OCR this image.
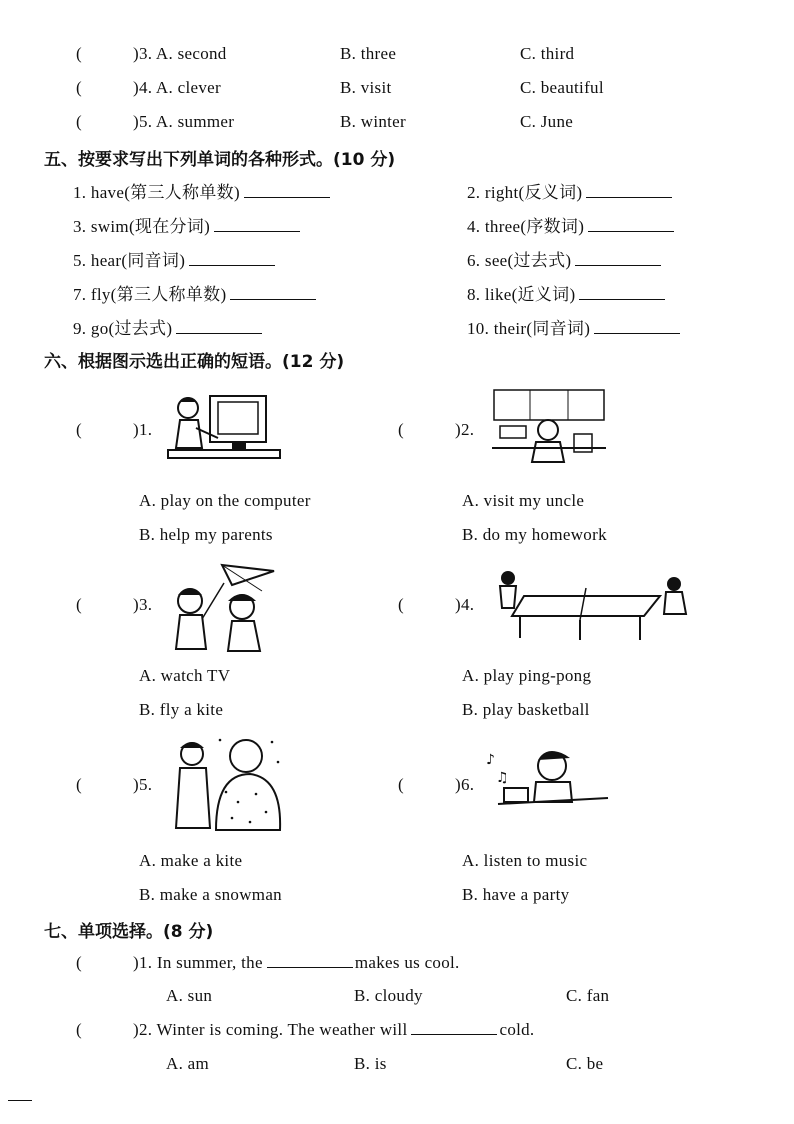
(	)3. A. second	B. three	C. third
(	)4. A. clever	B. visit	C. beautiful
(	)5. A. summer	B. winter	C. June
五、按要求写出下列单词的各种形式。(10 分)
1. have(第三人称单数)	2. right(反义词)
3. swim(现在分词)	4. three(序数词)
5. hear(同音词)	6. see(过去式)
7. fly(第三人称单数)	8. like(近义词)
9. go(过去式)	10. their(同音词)
六、根据图示选出正确的短语。(12 分)
(	)1.
A. play on the computer
B. help my parents
(	)2.
A. visit my uncle
B. do my homework
(	)3.
A. watch TV
B. fly a kite
(	)4.
A. play ping-pong
B. play basketball
(	)5.
A. make a kite
B. make a snowman
(	)6.
♪
♫
A. listen to music
B. have a party
七、单项选择。(8 分)
(	)1. In summer, the	makes us cool.
A. sun	B. cloudy	C. fan
(	)2. Winter is coming. The weather will	cold.
A. am	B. is	C. be
